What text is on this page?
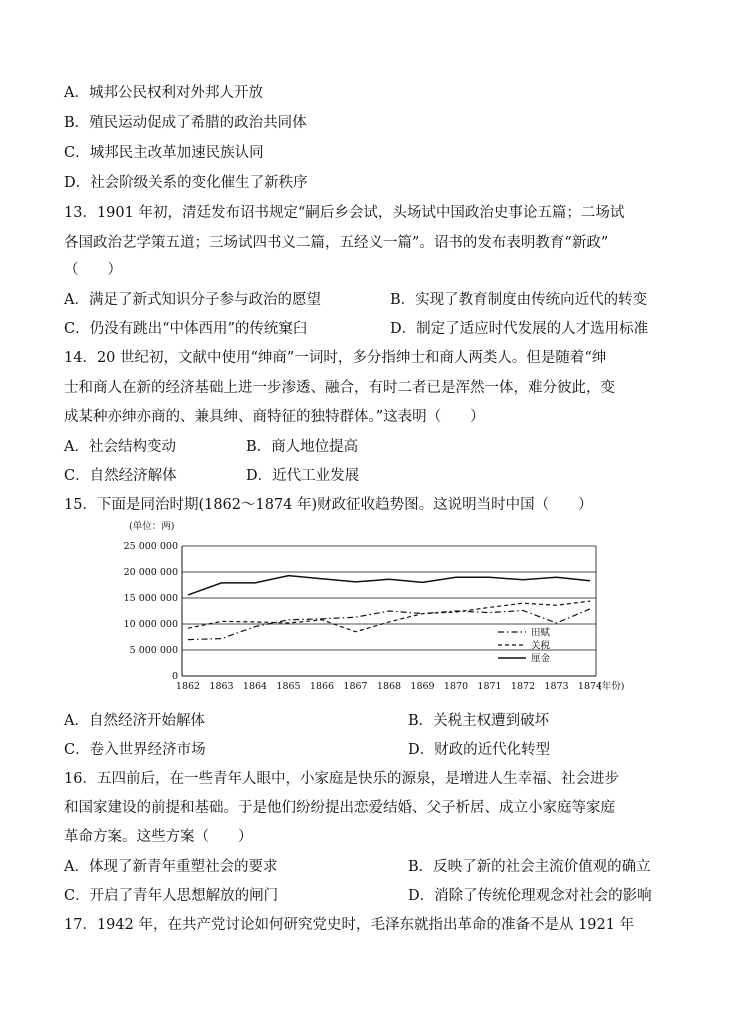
A．城邦公民权利对外邦人开放
B．殖民运动促成了希腊的政治共同体
C．城邦民主改革加速民族认同
D．社会阶级关系的变化催生了新秩序
13．1901 年初，清廷发布诏书规定“嗣后乡会试，头场试中国政治史事论五篇；二场试
各国政治艺学策五道；三场试四书义二篇，五经义一篇”。诏书的发布表明教育“新政”
（　　）
A．满足了新式知识分子参与政治的愿望	B．实现了教育制度由传统向近代的转变
C．仍没有跳出“中体西用”的传统窠臼	D．制定了适应时代发展的人才选用标准
14．20 世纪初，文献中使用“绅商”一词时，多分指绅士和商人两类人。但是随着“绅
士和商人在新的经济基础上进一步渗透、融合，有时二者已是浑然一体，难分彼此，变
成某种亦绅亦商的、兼具绅、商特征的独特群体。”这表明（　　）
A．社会结构变动	B．商人地位提高
C．自然经济解体	D．近代工业发展
15．下面是同治时期(1862～1874 年)财政征收趋势图。这说明当时中国（　　）
(单位：两)
0
5 000 000
10 000 000
15 000 000
20 000 000
25 000 000
1862 1863 1864 1865 1866 1867 1868 1869 1870 1871 1872 1873 1874
(年份)
田赋
关税
厘金
A．自然经济开始解体	B．关税主权遭到破坏
C．卷入世界经济市场	D．财政的近代化转型
16．五四前后，在一些青年人眼中，小家庭是快乐的源泉，是增进人生幸福、社会进步
和国家建设的前提和基础。于是他们纷纷提出恋爱结婚、父子析居、成立小家庭等家庭
革命方案。这些方案（　　）
A．体现了新青年重塑社会的要求	B．反映了新的社会主流价值观的确立
C．开启了青年人思想解放的闸门	D．消除了传统伦理观念对社会的影响
17．1942 年，在共产党讨论如何研究党史时，毛泽东就指出革命的准备不是从 1921 年
